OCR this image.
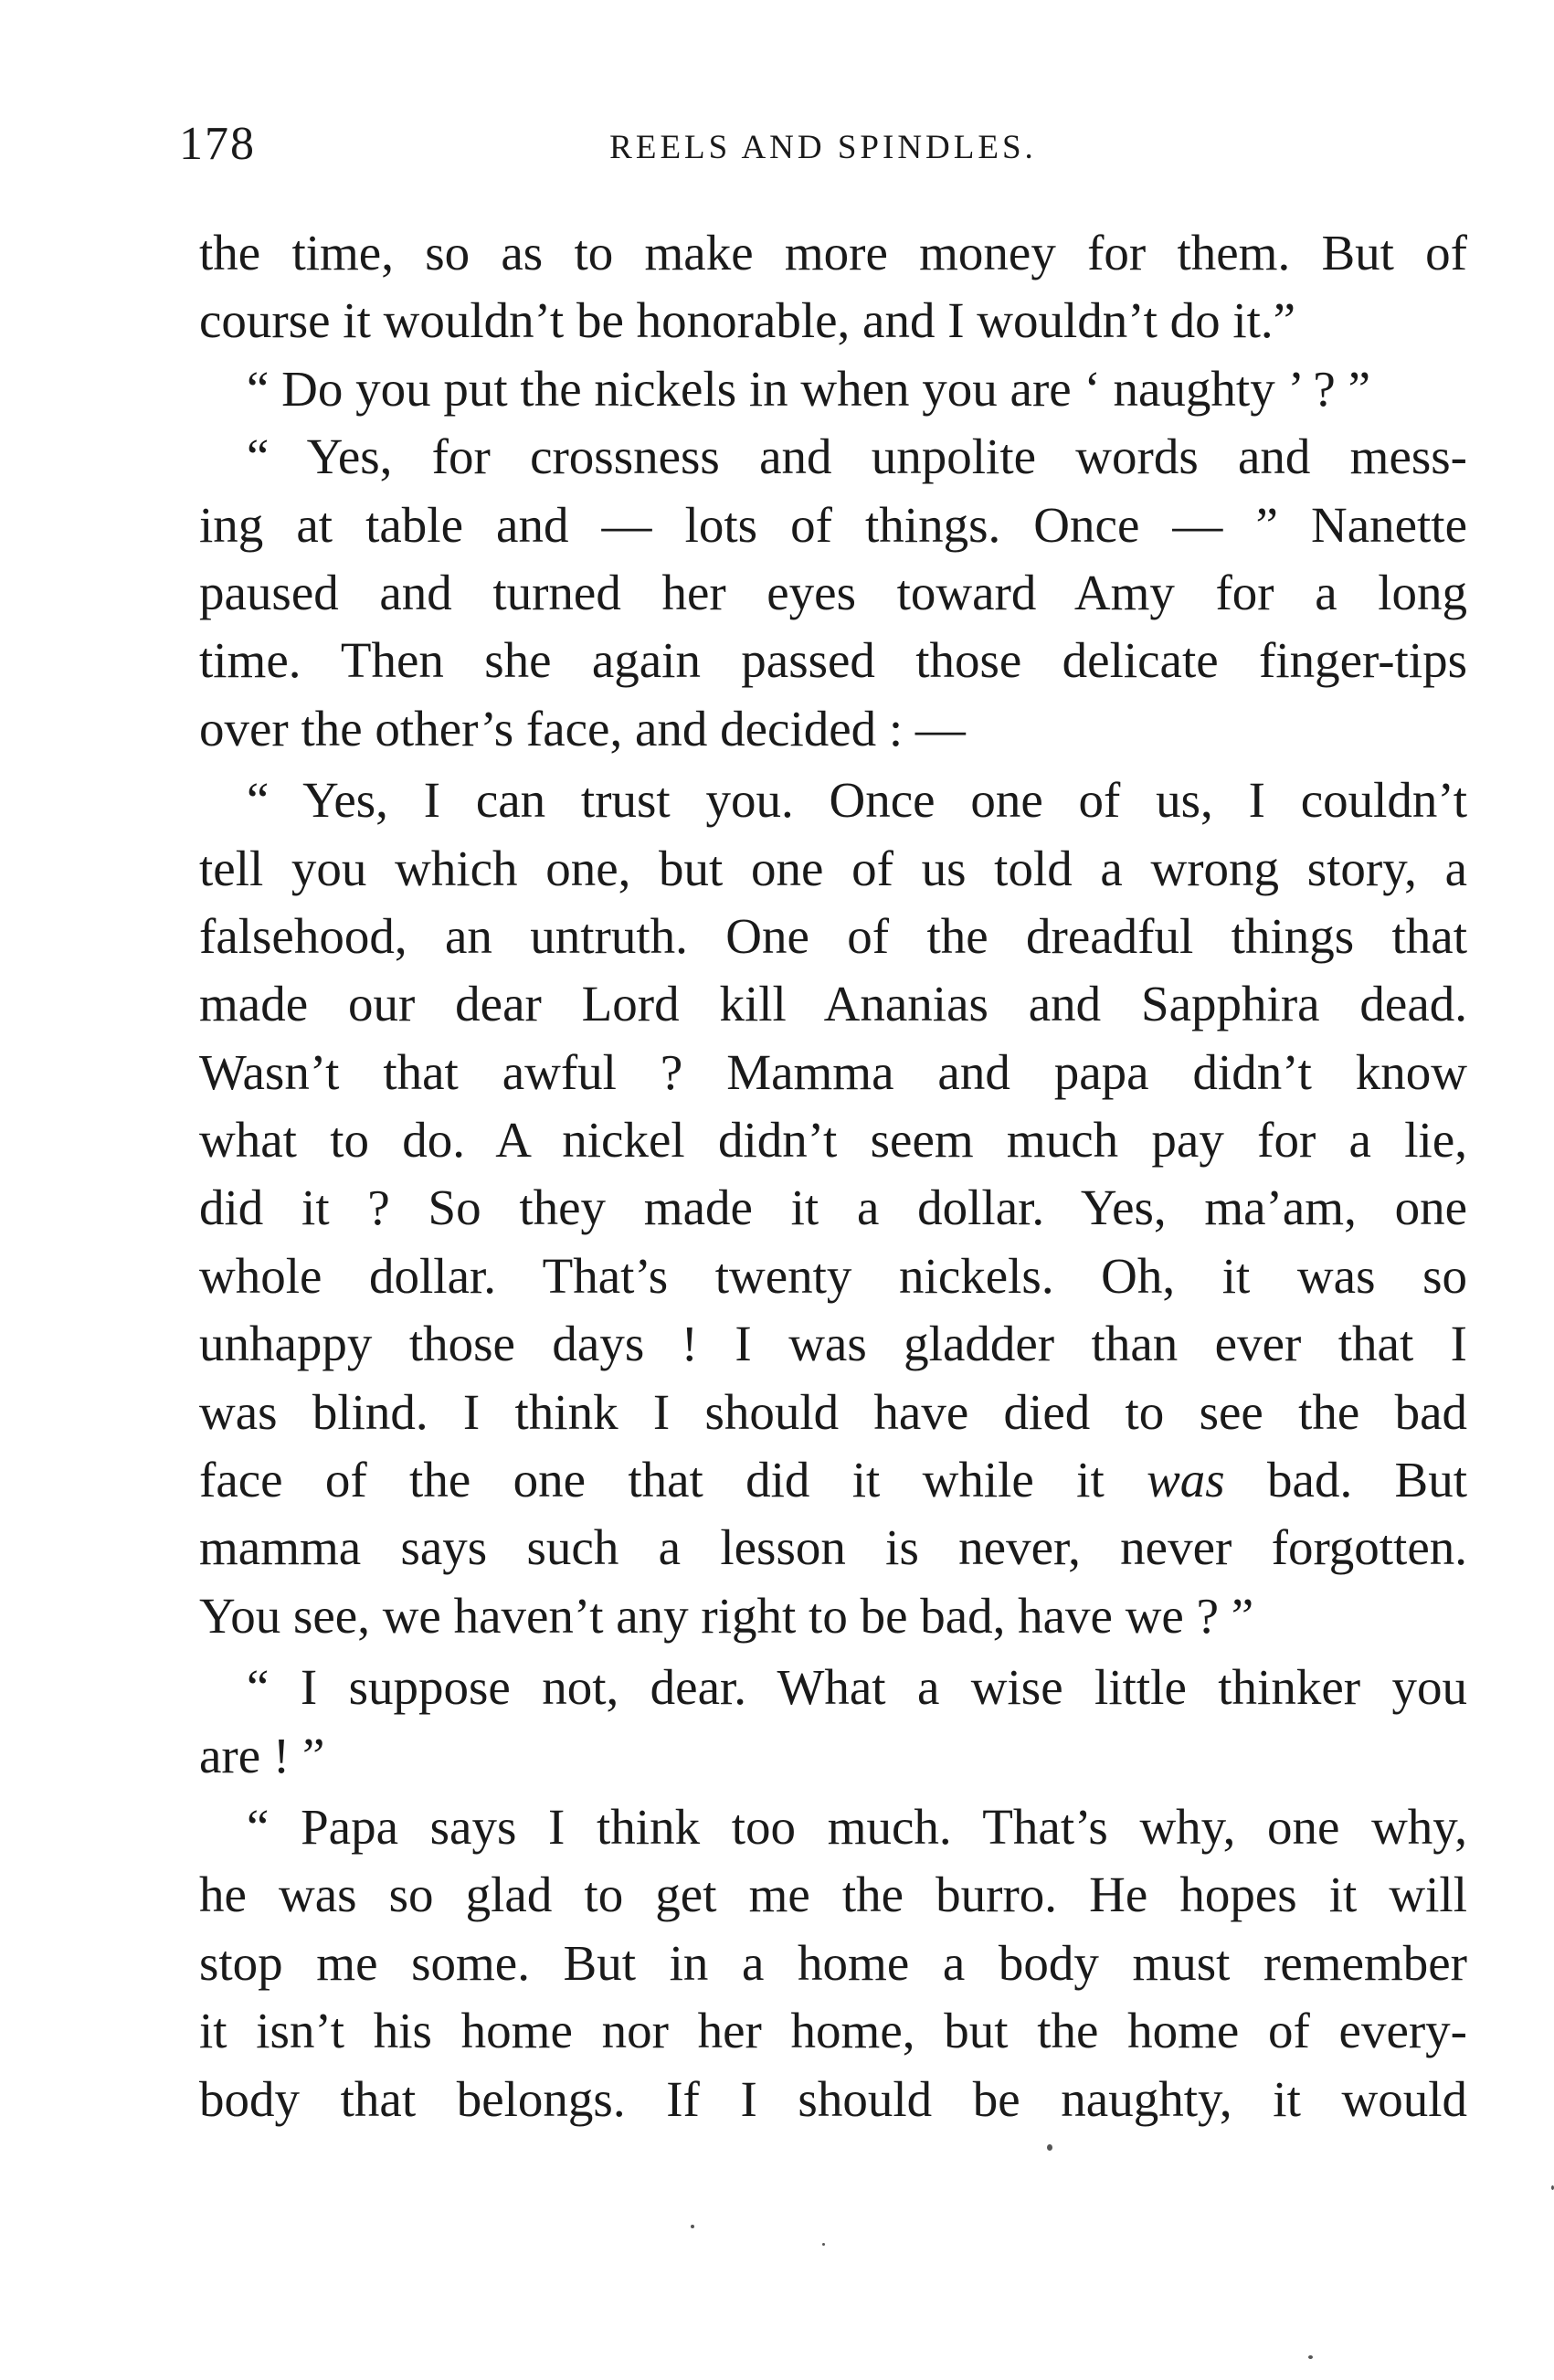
178	REELS AND SPINDLES.
the time, so as to make more money for them. But of
course it wouldn’t be honorable, and I wouldn’t do it.”
“ Do you put the nickels in when you are ‘ naughty ’ ? ”
“ Yes, for crossness and unpolite words and mess-
ing at table and — lots of things. Once — ” Nanette
paused and turned her eyes toward Amy for a long
time. Then she again passed those delicate finger-tips
over the other’s face, and decided : —
“ Yes, I can trust you. Once one of us, I couldn’t
tell you which one, but one of us told a wrong story, a
falsehood, an untruth. One of the dreadful things that
made our dear Lord kill Ananias and Sapphira dead.
Wasn’t that awful ? Mamma and papa didn’t know
what to do. A nickel didn’t seem much pay for a lie,
did it ? So they made it a dollar. Yes, ma’am, one
whole dollar. That’s twenty nickels. Oh, it was so
unhappy those days ! I was gladder than ever that I
was blind. I think I should have died to see the bad
face of the one that did it while it was bad. But
mamma says such a lesson is never, never forgotten.
You see, we haven’t any right to be bad, have we ? ”
“ I suppose not, dear. What a wise little thinker you
are ! ”
“ Papa says I think too much. That’s why, one why,
he was so glad to get me the burro. He hopes it will
stop me some. But in a home a body must remember
it isn’t his home nor her home, but the home of every-
body that belongs. If I should be naughty, it would
